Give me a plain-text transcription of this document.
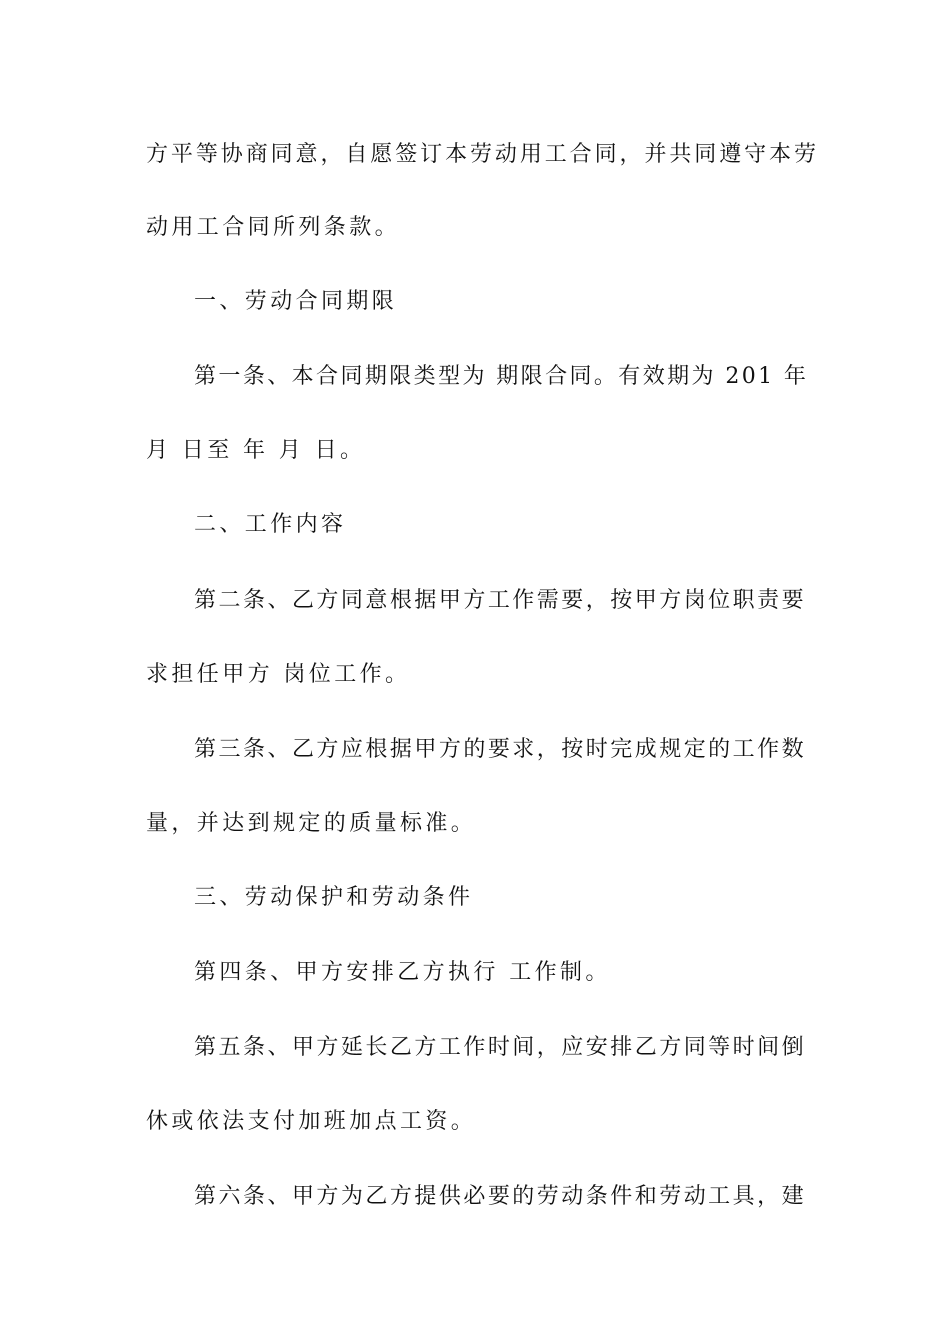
方 平 等 协 商 同 意 ， 自 愿 签 订 本 劳 动 用 工 合 同 ， 并 共 同 遵 守 本 劳
动用工合同所列条款。
一、劳动合同期限
第 一 条 、 本 合 同 期 限 类 型 为
期 限 合 同 。 有 效 期 为
2 0 1
年
月 日至 年 月 日。
二、工作内容
第 二 条 、 乙 方 同 意 根 据 甲 方 工 作 需 要 ， 按 甲 方 岗 位 职 责 要
求担任甲方 岗位工作。
第 三 条 、 乙 方 应 根 据 甲 方 的 要 求 ， 按 时 完 成 规 定 的 工 作 数
量，并达到规定的质量标准。
三、劳动保护和劳动条件
第四条、甲方安排乙方执行 工作制。
第 五 条 、 甲 方 延 长 乙 方 工 作 时 间 ， 应 安 排 乙 方 同 等 时 间 倒
休或依法支付加班加点工资。
第 六 条 、 甲 方 为 乙 方 提 供 必 要 的 劳 动 条 件 和 劳 动 工 具 ， 建
